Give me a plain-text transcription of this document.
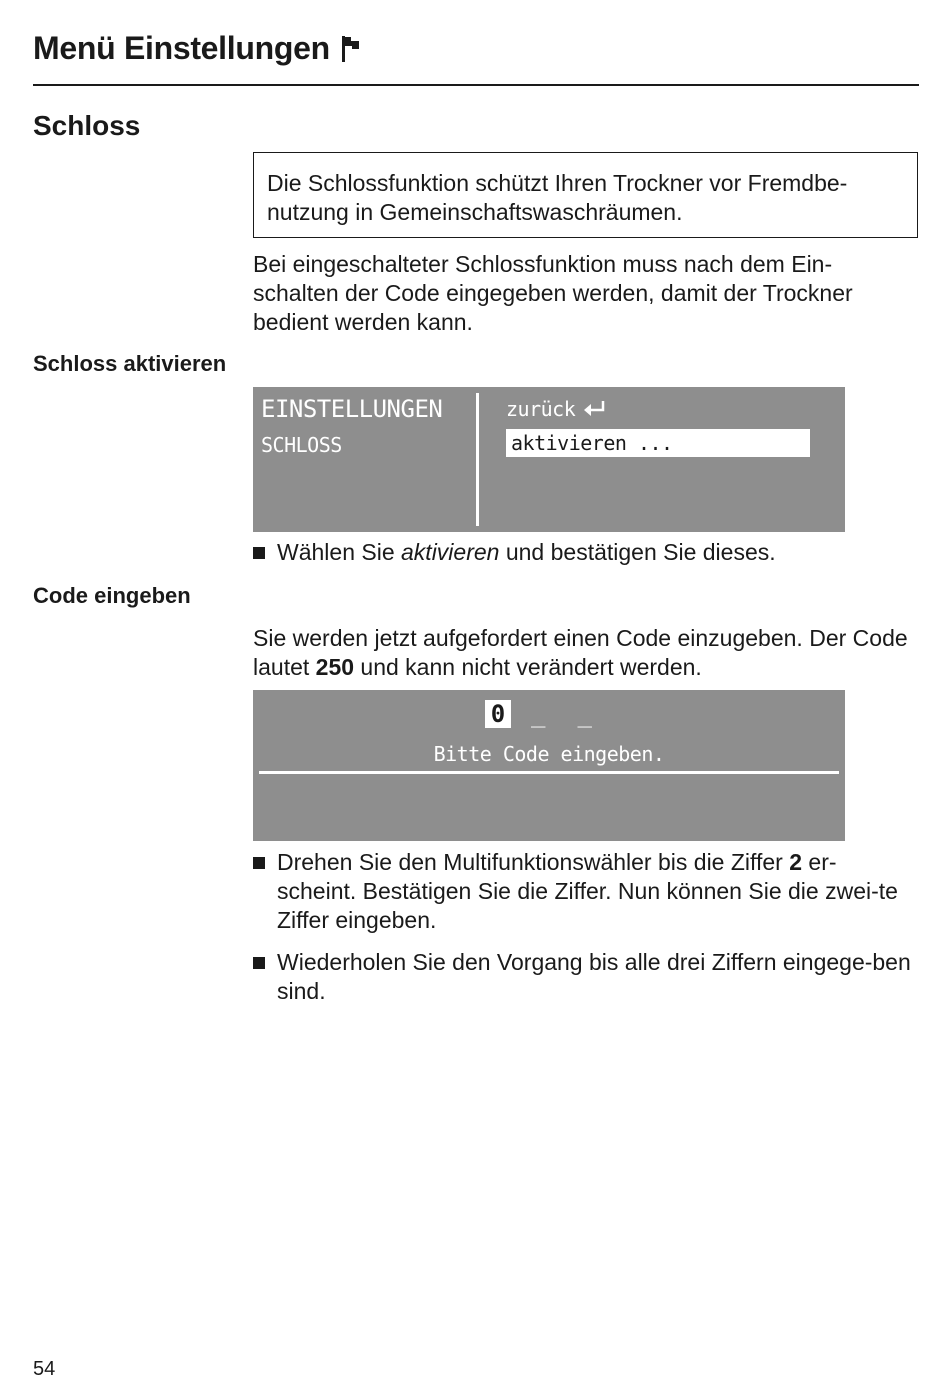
Menü Einstellungen
Schloss
Die Schlossfunktion schützt Ihren Trockner vor Fremdbe-nutzung in Gemeinschaftswaschräumen.
Bei eingeschalteter Schlossfunktion muss nach dem Ein-schalten der Code eingegeben werden, damit der Trockner bedient werden kann.
Schloss aktivieren
EINSTELLUNGEN
SCHLOSS
zurück
aktivieren ...
Wählen Sie aktivieren und bestätigen Sie dieses.
Code eingeben
Sie werden jetzt aufgefordert einen Code einzugeben. Der Code lautet 250 und kann nicht verändert werden.
0 _ _
Bitte Code eingeben.
Drehen Sie den Multifunktionswähler bis die Ziffer 2 er-scheint. Bestätigen Sie die Ziffer. Nun können Sie die zwei-te Ziffer eingeben.
Wiederholen Sie den Vorgang bis alle drei Ziffern eingege-ben sind.
54
